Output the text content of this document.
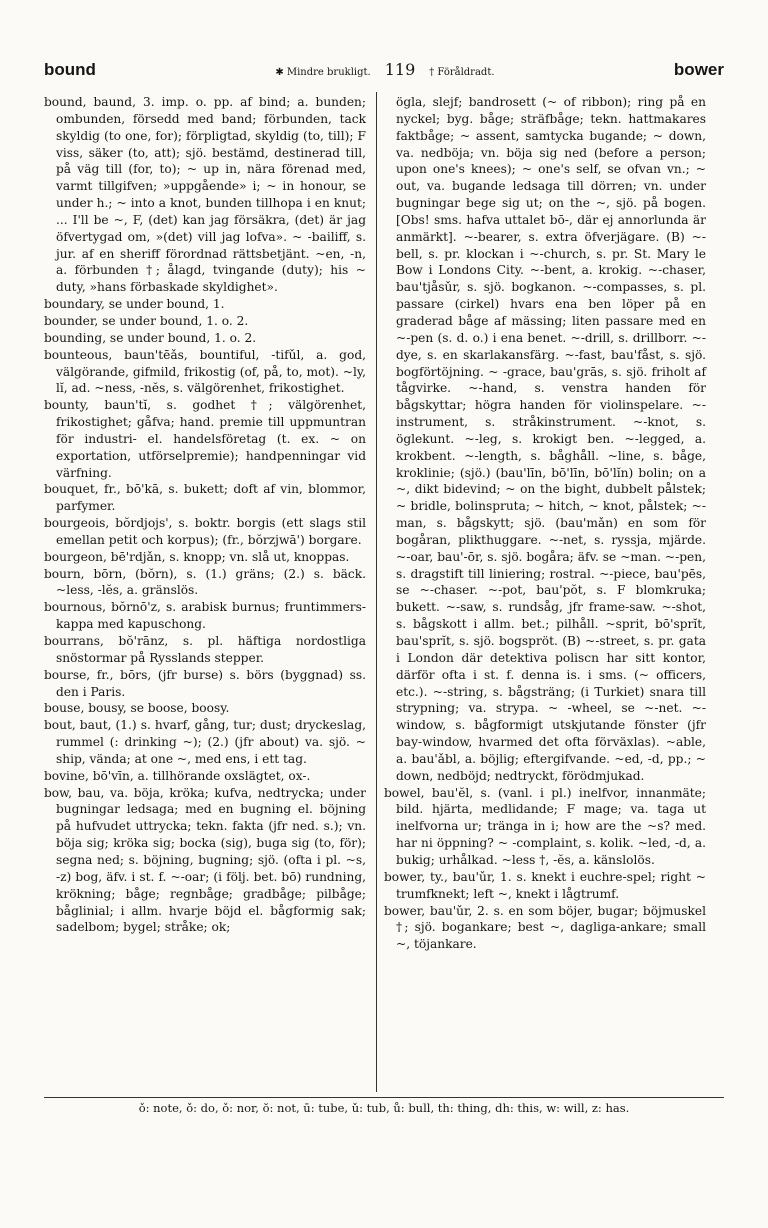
bound	✱ Mindre brukligt. 119 † Föråldradt.	bower

bound, baund, 3. imp. o. pp. af bind; a. bunden; ombunden, försedd med band; förbunden, tack skyldig (to one, for); förpligtad, skyldig (to, till); F viss, säker (to, att); sjö. bestämd, destinerad till, på väg till (for, to); ~ up in, nära förenad med, varmt tillgifven; »uppgående» i; ~ in honour, se under h.; ~ into a knot, bunden tillhopa i en knut; ... I'll be ~, F, (det) kan jag försäkra, (det) är jag öfvertygad om, »(det) vill jag lofva». ~ -bailiff, s. jur. af en sheriff förordnad rättsbetjänt. ~en, -n, a. förbunden †; ålagd, tvingande (duty); his ~ duty, »hans förbaskade skyldighet».

boundary, se under bound, 1.

bounder, se under bound, 1. o. 2.

bounding, se under bound, 1. o. 2.

bounteous, baun'tēǎs, bountiful, -tifǔl, a. god, välgörande, gifmild, frikostig (of, på, to, mot). ~ly, lĭ, ad. ~ness, -nĕs, s. välgörenhet, frikostighet.

bounty, baun'tĭ, s. godhet †; välgörenhet, frikostighet; gåfva; hand. premie till uppmuntran för industri- el. handelsföretag (t. ex. ~ on exportation, utförselpremie); handpenningar vid värfning.

bouquet, fr., bō'kā, s. bukett; doft af vin, blommor, parfymer.

bourgeois, bŏrdjojs', s. boktr. borgis (ett slags stil emellan petit och korpus); (fr., bŏrzjwā') borgare.

bourgeon, bē'rdjǎn, s. knopp; vn. slå ut, knoppas.

bourn, bōrn, (bŏrn), s. (1.) gräns; (2.) s. bäck. ~less, -lĕs, a. gränslös.

bournous, bŏrnō'z, s. arabisk burnus; fruntimmers-kappa med kapuschong.

bourrans, bŏ'rānz, s. pl. häftiga nordostliga snöstormar på Rysslands stepper.

bourse, fr., bōrs, (jfr burse) s. börs (byggnad) ss. den i Paris.

bouse, bousy, se boose, boosy.

bout, baut, (1.) s. hvarf, gång, tur; dust; dryckeslag, rummel (: drinking ~); (2.) (jfr about) va. sjö. ~ ship, vända; at one ~, med ens, i ett tag.

bovine, bō'vīn, a. tillhörande oxslägtet, ox-.

bow, bau, va. böja, kröka; kufva, nedtrycka; under bugningar ledsaga; med en bugning el. böjning på hufvudet uttrycka; tekn. fakta (jfr ned. s.); vn. böja sig; kröka sig; bocka (sig), buga sig (to, för); segna ned; s. böjning, bugning; sjö. (ofta i pl. ~s, -z) bog, äfv. i st. f. ~-oar; (i följ. bet. bō) rundning, krökning; båge; regnbåge; gradbåge; pilbåge; båglinial; i allm. hvarje böjd el. bågformig sak; sadelbom; bygel; stråke; ok;

ögla, slejf; bandrosett (~ of ribbon); ring på en nyckel; byg. båge; sträfbåge; tekn. hattmakares faktbåge; ~ assent, samtycka bugande; ~ down, va. nedböja; vn. böja sig ned (before a person; upon one's knees); ~ one's self, se ofvan vn.; ~ out, va. bugande ledsaga till dörren; vn. under bugningar bege sig ut; on the ~, sjö. på bogen. [Obs! sms. hafva uttalet bō-, där ej annorlunda är anmärkt]. ~-bearer, s. extra öfverjägare. (B) ~-bell, s. pr. klockan i ~-church, s. pr. St. Mary le Bow i Londons City. ~-bent, a. krokig. ~-chaser, bau'tjåsǔr, s. sjö. bogkanon. ~-compasses, s. pl. passare (cirkel) hvars ena ben löper på en graderad båge af mässing; liten passare med en ~-pen (s. d. o.) i ena benet. ~-drill, s. drillborr. ~-dye, s. en skarlakansfärg. ~-fast, bau'fåst, s. sjö. bogförtöjning. ~ -grace, bau'grās, s. sjö. friholt af tågvirke. ~-hand, s. venstra handen för bågskyttar; högra handen för violinspelare. ~-instrument, s. stråkinstrument. ~-knot, s. öglekunt. ~-leg, s. krokigt ben. ~-legged, a. krokbent. ~-length, s. båghåll. ~line, s. båge, kroklinie; (sjö.) (bau'līn, bō'līn, bō'lĭn) bolin; on a ~, dikt bidevind; ~ on the bight, dubbelt pålstek; ~ bridle, bolinspruta; ~ hitch, ~ knot, pålstek; ~-man, s. bågskytt; sjö. (bau'mǎn) en som för bogåran, plikthuggare. ~-net, s. ryssja, mjärde. ~-oar, bau'-ōr, s. sjö. bogåra; äfv. se ~man. ~-pen, s. dragstift till liniering; rostral. ~-piece, bau'pēs, se ~-chaser. ~-pot, bau'pŏt, s. F blomkruka; bukett. ~-saw, s. rundsåg, jfr frame-saw. ~-shot, s. bågskott i allm. bet.; pilhåll. ~sprit, bō'sprĭt, bau'sprĭt, s. sjö. bogspröt. (B) ~-street, s. pr. gata i London där detektiva poliscn har sitt kontor, därför ofta i st. f. denna is. i sms. (~ officers, etc.). ~-string, s. bågsträng; (i Turkiet) snara till strypning; va. strypa. ~ -wheel, se ~-net. ~-window, s. bågformigt utskjutande fönster (jfr bay-window, hvarmed det ofta förväxlas). ~able, a. bau'ǎbl, a. böjlig; eftergifvande. ~ed, -d, pp.; ~ down, nedböjd; nedtryckt, förödmjukad.

bowel, bau'ĕl, s. (vanl. i pl.) inelfvor, innanmäte; bild. hjärta, medlidande; F mage; va. taga ut inelfvorna ur; tränga in i; how are the ~s? med. har ni öppning? ~ -complaint, s. kolik. ~led, -d, a. bukig; urhålkad. ~less †, -ĕs, a. känslolös.

bower, ty., bau'ǔr, 1. s. knekt i euchre-spel; right ~ trumfknekt; left ~, knekt i lågtrumf.

bower, bau'ǔr, 2. s. en som böjer, bugar; böjmuskel †; sjö. bogankare; best ~, dagliga-ankare; small ~, töjankare.

ǒ: note, ǒ: do, ǒ: nor, ŏ: not, ū: tube, ǔ: tub, ů: bull, th: thing, dh: this, w: will, z: has.
